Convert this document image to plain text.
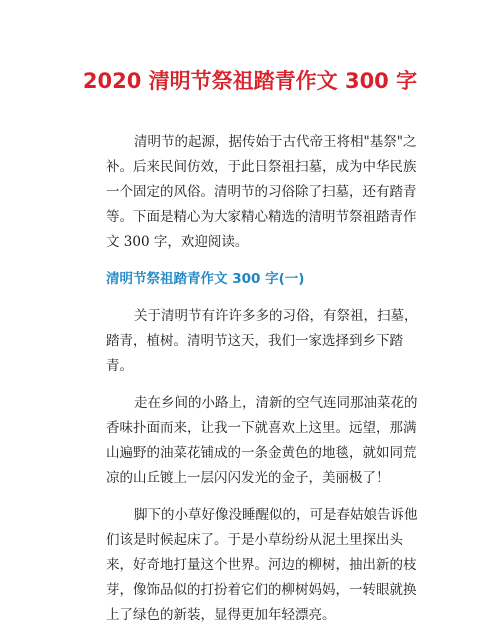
2020 清明节祭祖踏青作文 300 字

清明节的起源，据传始于古代帝王将相"基祭"之补。后来民间仿效，于此日祭祖扫墓，成为中华民族一个固定的风俗。清明节的习俗除了扫墓，还有踏青等。下面是精心为大家精心精选的清明节祭祖踏青作文 300 字，欢迎阅读。

清明节祭祖踏青作文 300 字(一)

关于清明节有许许多多的习俗，有祭祖，扫墓，踏青，植树。清明节这天，我们一家选择到乡下踏青。

走在乡间的小路上，清新的空气连同那油菜花的香味扑面而来，让我一下就喜欢上这里。远望，那满山遍野的油菜花铺成的一条金黄色的地毯，就如同荒凉的山丘镀上一层闪闪发光的金子，美丽极了！

脚下的小草好像没睡醒似的，可是春姑娘告诉他们该是时候起床了。于是小草纷纷从泥土里探出头来，好奇地打量这个世界。河边的柳树，抽出新的枝芽，像饰品似的打扮着它们的柳树妈妈，一转眼就换上了绿色的新装，显得更加年轻漂亮。
